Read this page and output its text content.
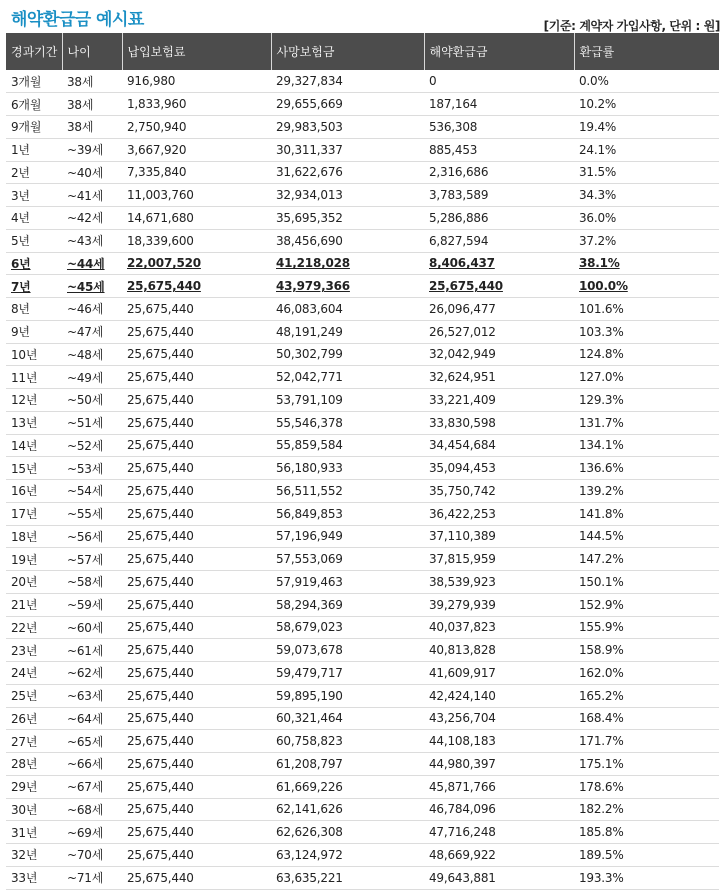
해약환급금 예시표	[기준: 계약자 가입사항, 단위 : 원]
경과기간	나이	납입보험료	사망보험금	해약환급금	환급률
3개월	38세	916,980	29,327,834	0	0.0%
6개월	38세	1,833,960	29,655,669	187,164	10.2%
9개월	38세	2,750,940	29,983,503	536,308	19.4%
1년	~39세	3,667,920	30,311,337	885,453	24.1%
2년	~40세	7,335,840	31,622,676	2,316,686	31.5%
3년	~41세	11,003,760	32,934,013	3,783,589	34.3%
4년	~42세	14,671,680	35,695,352	5,286,886	36.0%
5년	~43세	18,339,600	38,456,690	6,827,594	37.2%
6년	~44세	22,007,520	41,218,028	8,406,437	38.1%
7년	~45세	25,675,440	43,979,366	25,675,440	100.0%
8년	~46세	25,675,440	46,083,604	26,096,477	101.6%
9년	~47세	25,675,440	48,191,249	26,527,012	103.3%
10년	~48세	25,675,440	50,302,799	32,042,949	124.8%
11년	~49세	25,675,440	52,042,771	32,624,951	127.0%
12년	~50세	25,675,440	53,791,109	33,221,409	129.3%
13년	~51세	25,675,440	55,546,378	33,830,598	131.7%
14년	~52세	25,675,440	55,859,584	34,454,684	134.1%
15년	~53세	25,675,440	56,180,933	35,094,453	136.6%
16년	~54세	25,675,440	56,511,552	35,750,742	139.2%
17년	~55세	25,675,440	56,849,853	36,422,253	141.8%
18년	~56세	25,675,440	57,196,949	37,110,389	144.5%
19년	~57세	25,675,440	57,553,069	37,815,959	147.2%
20년	~58세	25,675,440	57,919,463	38,539,923	150.1%
21년	~59세	25,675,440	58,294,369	39,279,939	152.9%
22년	~60세	25,675,440	58,679,023	40,037,823	155.9%
23년	~61세	25,675,440	59,073,678	40,813,828	158.9%
24년	~62세	25,675,440	59,479,717	41,609,917	162.0%
25년	~63세	25,675,440	59,895,190	42,424,140	165.2%
26년	~64세	25,675,440	60,321,464	43,256,704	168.4%
27년	~65세	25,675,440	60,758,823	44,108,183	171.7%
28년	~66세	25,675,440	61,208,797	44,980,397	175.1%
29년	~67세	25,675,440	61,669,226	45,871,766	178.6%
30년	~68세	25,675,440	62,141,626	46,784,096	182.2%
31년	~69세	25,675,440	62,626,308	47,716,248	185.8%
32년	~70세	25,675,440	63,124,972	48,669,922	189.5%
33년	~71세	25,675,440	63,635,221	49,643,881	193.3%
